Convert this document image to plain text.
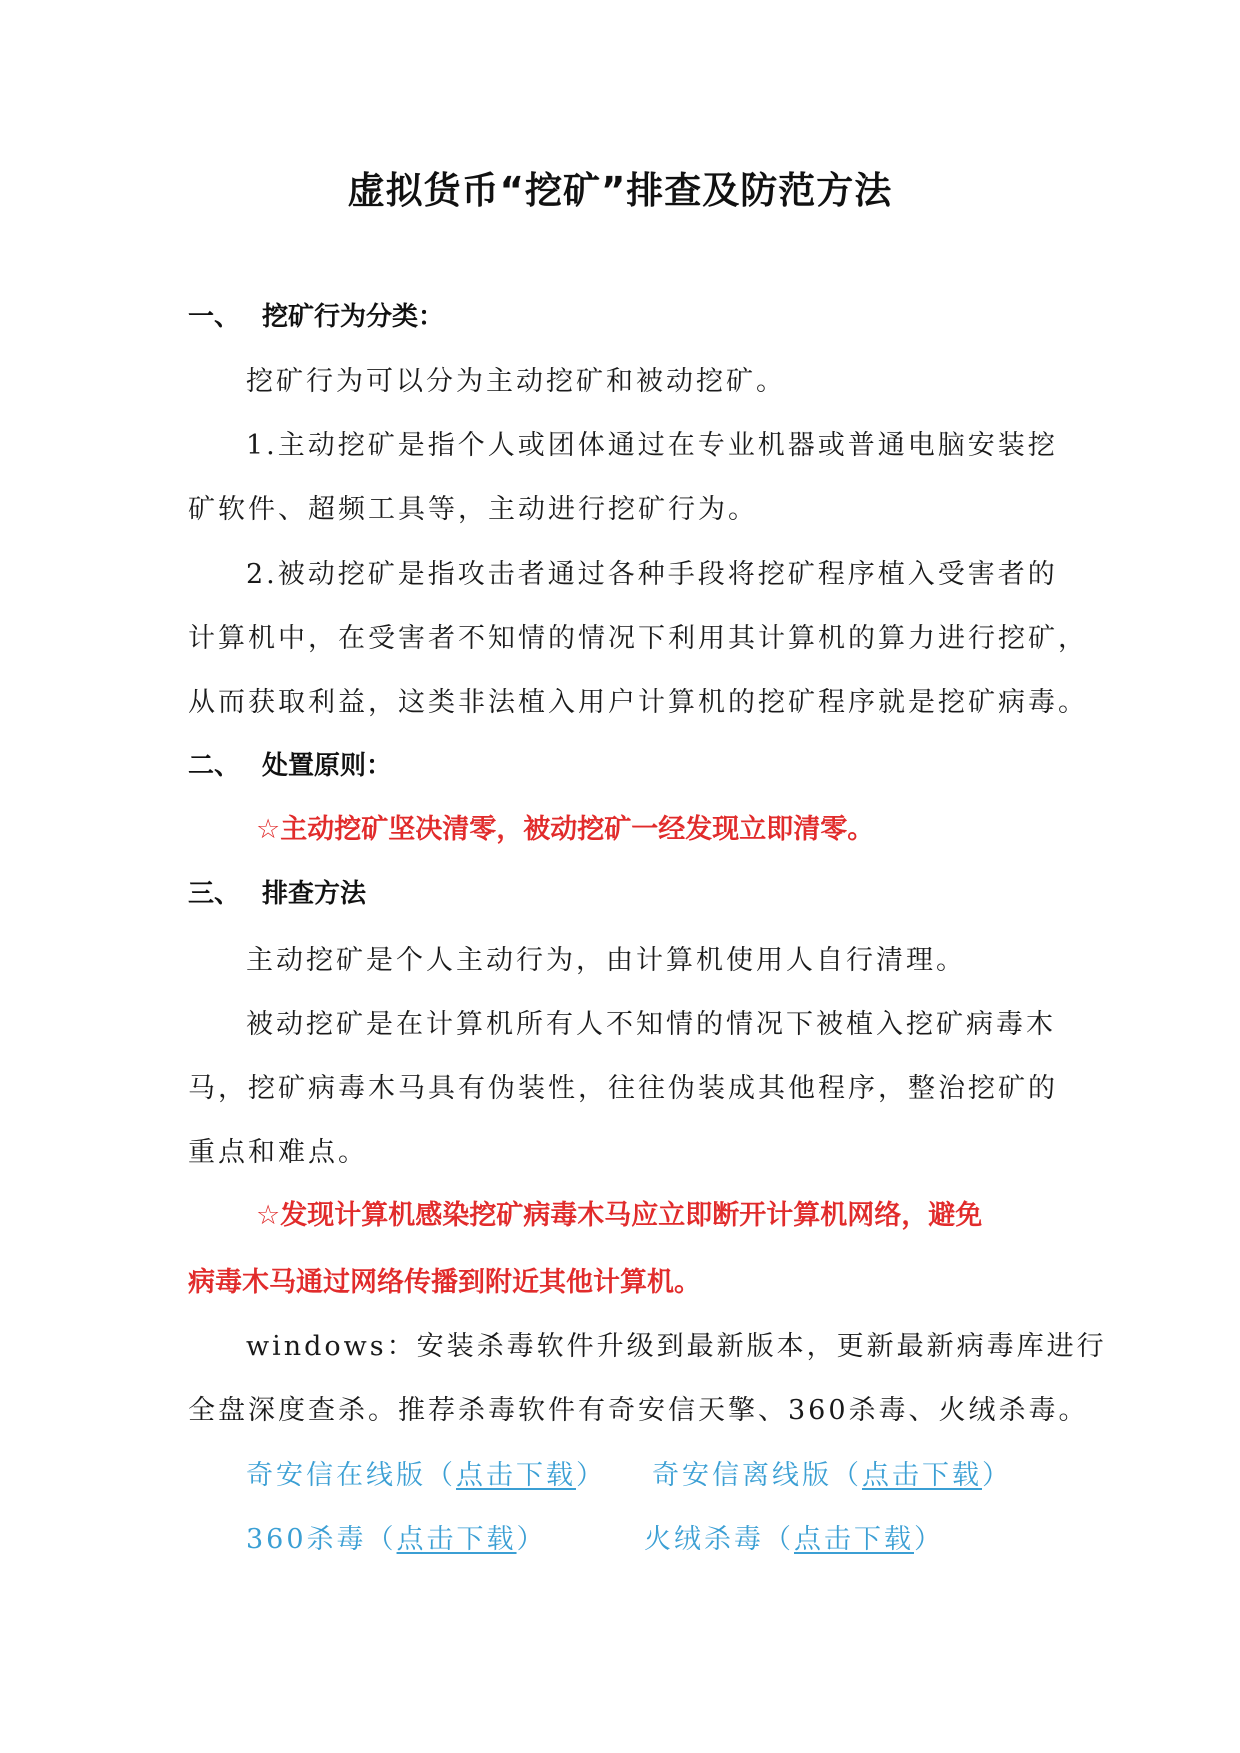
虚拟货币“挖矿”排查及防范方法
一、 挖矿行为分类：
挖矿行为可以分为主动挖矿和被动挖矿。
1.主动挖矿是指个人或团体通过在专业机器或普通电脑安装挖
矿软件、超频工具等，主动进行挖矿行为。
2.被动挖矿是指攻击者通过各种手段将挖矿程序植入受害者的
计算机中，在受害者不知情的情况下利用其计算机的算力进行挖矿，
从而获取利益，这类非法植入用户计算机的挖矿程序就是挖矿病毒。
二、 处置原则：
☆主动挖矿坚决清零，被动挖矿一经发现立即清零。
三、 排查方法
主动挖矿是个人主动行为，由计算机使用人自行清理。
被动挖矿是在计算机所有人不知情的情况下被植入挖矿病毒木
马，挖矿病毒木马具有伪装性，往往伪装成其他程序，整治挖矿的
重点和难点。
☆发现计算机感染挖矿病毒木马应立即断开计算机网络，避免
病毒木马通过网络传播到附近其他计算机。
windows：安装杀毒软件升级到最新版本，更新最新病毒库进行
全盘深度查杀。推荐杀毒软件有奇安信天擎、360杀毒、火绒杀毒。
奇安信在线版（点击下载） 奇安信离线版（点击下载）
360杀毒（点击下载）	火绒杀毒（点击下载）
